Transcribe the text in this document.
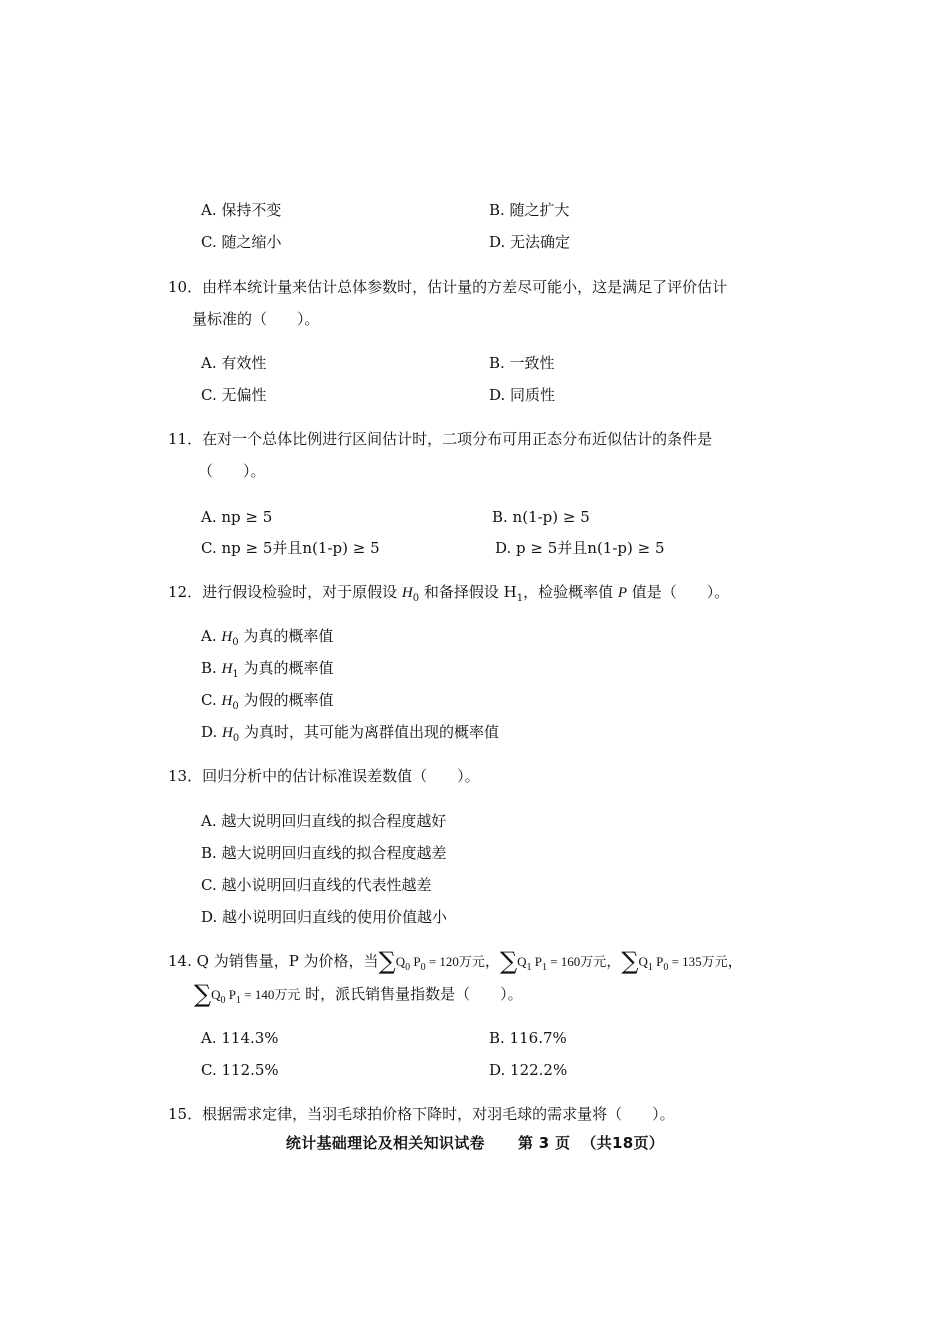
A. 保持不变	B. 随之扩大
C. 随之缩小	D. 无法确定
10．由样本统计量来估计总体参数时，估计量的方差尽可能小，这是满足了评价估计
量标准的（　　）。
A. 有效性	B. 一致性
C. 无偏性	D. 同质性
11．在对一个总体比例进行区间估计时，二项分布可用正态分布近似估计的条件是
（　　）。
A. np ≥ 5	B. n(1-p) ≥ 5
C. np ≥ 5并且n(1-p) ≥ 5	D. p ≥ 5并且n(1-p) ≥ 5
12．进行假设检验时，对于原假设 $H_0$ 和备择假设 $H_1$，检验概率值 P 值是（　　）。
A. $H_0$ 为真的概率值
B. $H_1$ 为真的概率值
C. $H_0$ 为假的概率值
D. $H_0$ 为真时，其可能为离群值出现的概率值
13．回归分析中的估计标准误差数值（　　）。
A. 越大说明回归直线的拟合程度越好
B. 越大说明回归直线的拟合程度越差
C. 越小说明回归直线的代表性越差
D. 越小说明回归直线的使用价值越小
14. Q 为销售量，P 为价格，当$\sum Q_0$ $P_0 = 120$万元，$\sum Q_1$ $P_1 = 160$万元，$\sum Q_1$ $P_0 = 135$万元，
$\sum Q_0$ $P_1 = 140$万元 时，派氏销售量指数是（　　）。
A. 114.3%	B. 116.7%
C. 112.5%	D. 122.2%
15．根据需求定律，当羽毛球拍价格下降时，对羽毛球的需求量将（　　）。
统计基础理论及相关知识试卷 第 3 页 （共18页）
